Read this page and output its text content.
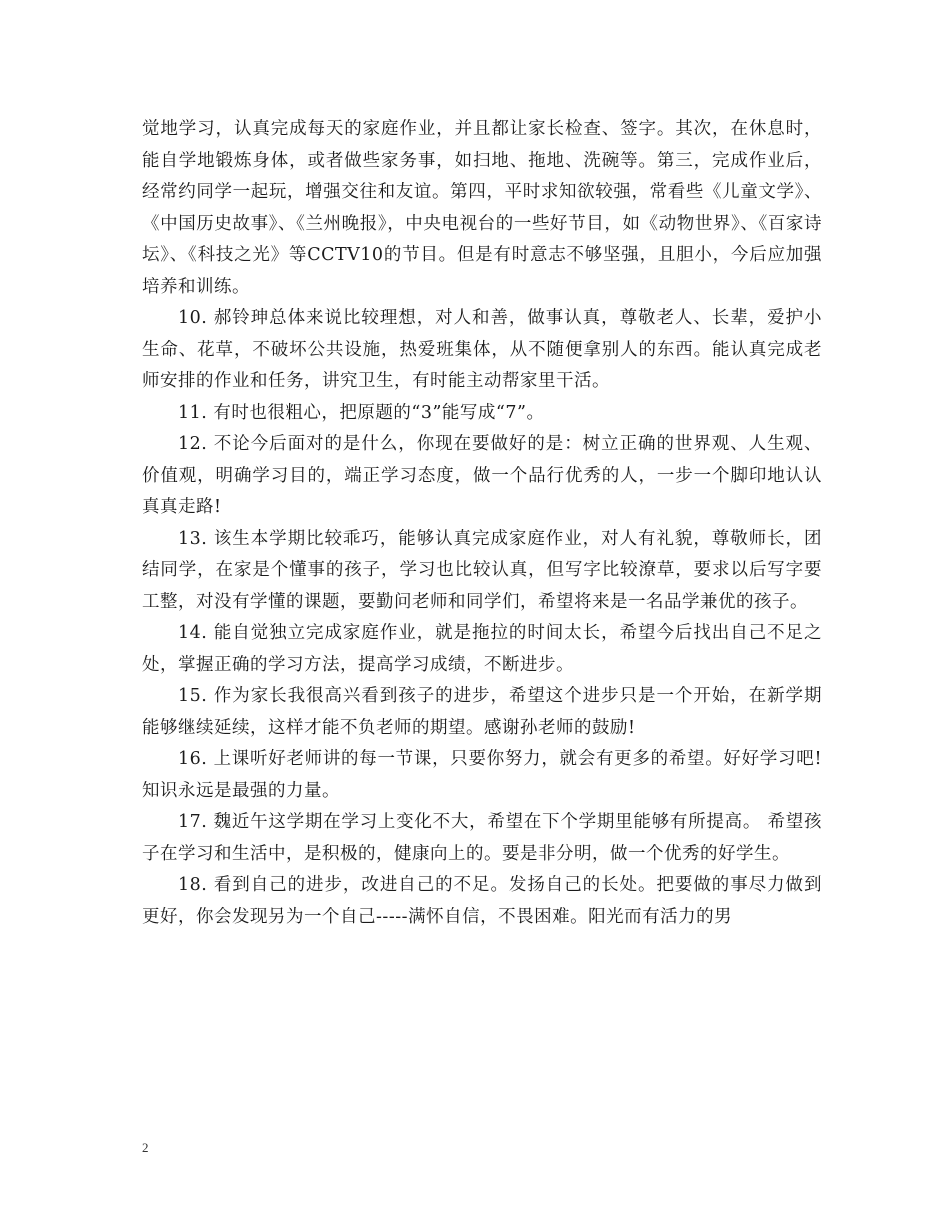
觉地学习，认真完成每天的家庭作业，并且都让家长检查、签字。其次，在休息时，能自学地锻炼身体，或者做些家务事，如扫地、拖地、洗碗等。第三，完成作业后，经常约同学一起玩，增强交往和友谊。第四，平时求知欲较强，常看些《儿童文学》、《中国历史故事》、《兰州晚报》，中央电视台的一些好节目，如《动物世界》、《百家诗坛》、《科技之光》等CCTV10的节目。但是有时意志不够坚强，且胆小，今后应加强培养和训练。

10. 郝铃珅总体来说比较理想，对人和善，做事认真，尊敬老人、长辈，爱护小生命、花草，不破坏公共设施，热爱班集体，从不随便拿别人的东西。能认真完成老师安排的作业和任务，讲究卫生，有时能主动帮家里干活。

11. 有时也很粗心，把原题的“3”能写成“7”。

12. 不论今后面对的是什么，你现在要做好的是：树立正确的世界观、人生观、价值观，明确学习目的，端正学习态度，做一个品行优秀的人，一步一个脚印地认认真真走路!

13. 该生本学期比较乖巧，能够认真完成家庭作业，对人有礼貌，尊敬师长，团结同学，在家是个懂事的孩子，学习也比较认真，但写字比较潦草，要求以后写字要工整，对没有学懂的课题，要勤问老师和同学们，希望将来是一名品学兼优的孩子。

14. 能自觉独立完成家庭作业，就是拖拉的时间太长，希望今后找出自己不足之处，掌握正确的学习方法，提高学习成绩，不断进步。

15. 作为家长我很高兴看到孩子的进步，希望这个进步只是一个开始，在新学期能够继续延续，这样才能不负老师的期望。感谢孙老师的鼓励!

16. 上课听好老师讲的每一节课，只要你努力，就会有更多的希望。好好学习吧!知识永远是最强的力量。

17. 魏近午这学期在学习上变化不大，希望在下个学期里能够有所提高。 希望孩子在学习和生活中，是积极的，健康向上的。要是非分明，做一个优秀的好学生。

18. 看到自己的进步，改进自己的不足。发扬自己的长处。把要做的事尽力做到更好，你会发现另为一个自己-----满怀自信，不畏困难。阳光而有活力的男

2
